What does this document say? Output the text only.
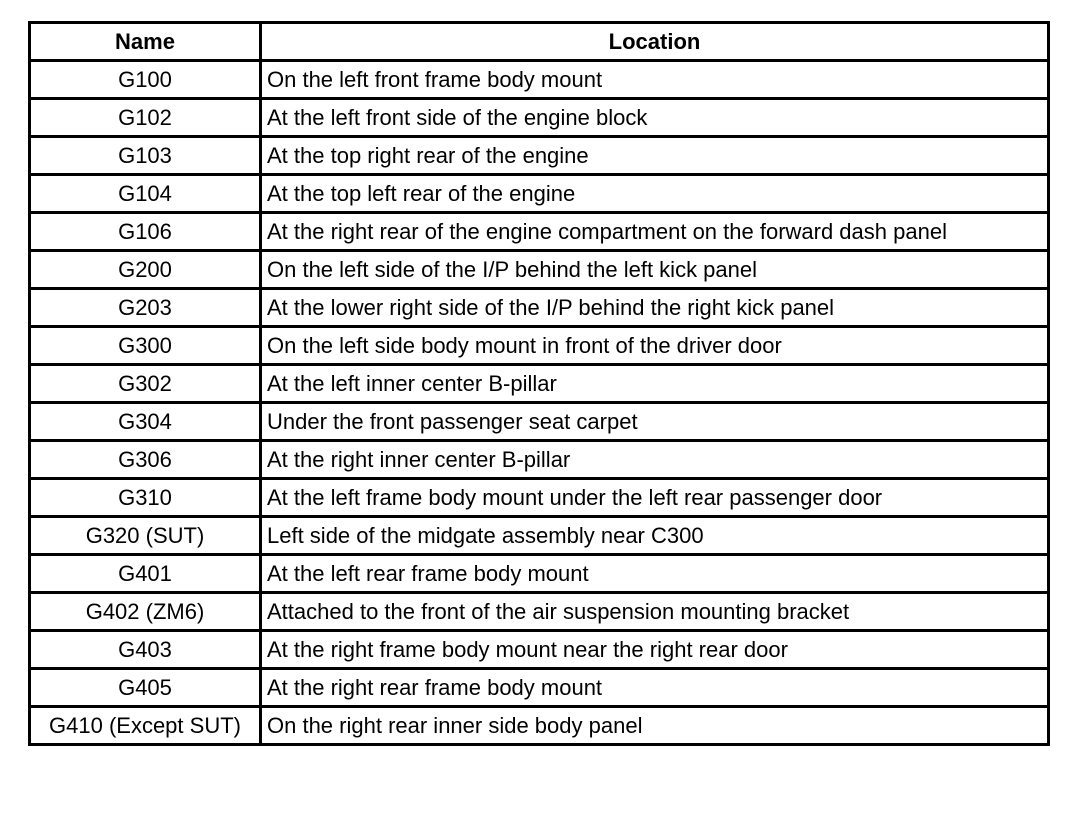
Name	Location
G100	On the left front frame body mount
G102	At the left front side of the engine block
G103	At the top right rear of the engine
G104	At the top left rear of the engine
G106	At the right rear of the engine compartment on the forward dash panel
G200	On the left side of the I/P behind the left kick panel
G203	At the lower right side of the I/P behind the right kick panel
G300	On the left side body mount in front of the driver door
G302	At the left inner center B-pillar
G304	Under the front passenger seat carpet
G306	At the right inner center B-pillar
G310	At the left frame body mount under the left rear passenger door
G320 (SUT)	Left side of the midgate assembly near C300
G401	At the left rear frame body mount
G402 (ZM6)	Attached to the front of the air suspension mounting bracket
G403	At the right frame body mount near the right rear door
G405	At the right rear frame body mount
G410 (Except SUT)	On the right rear inner side body panel
